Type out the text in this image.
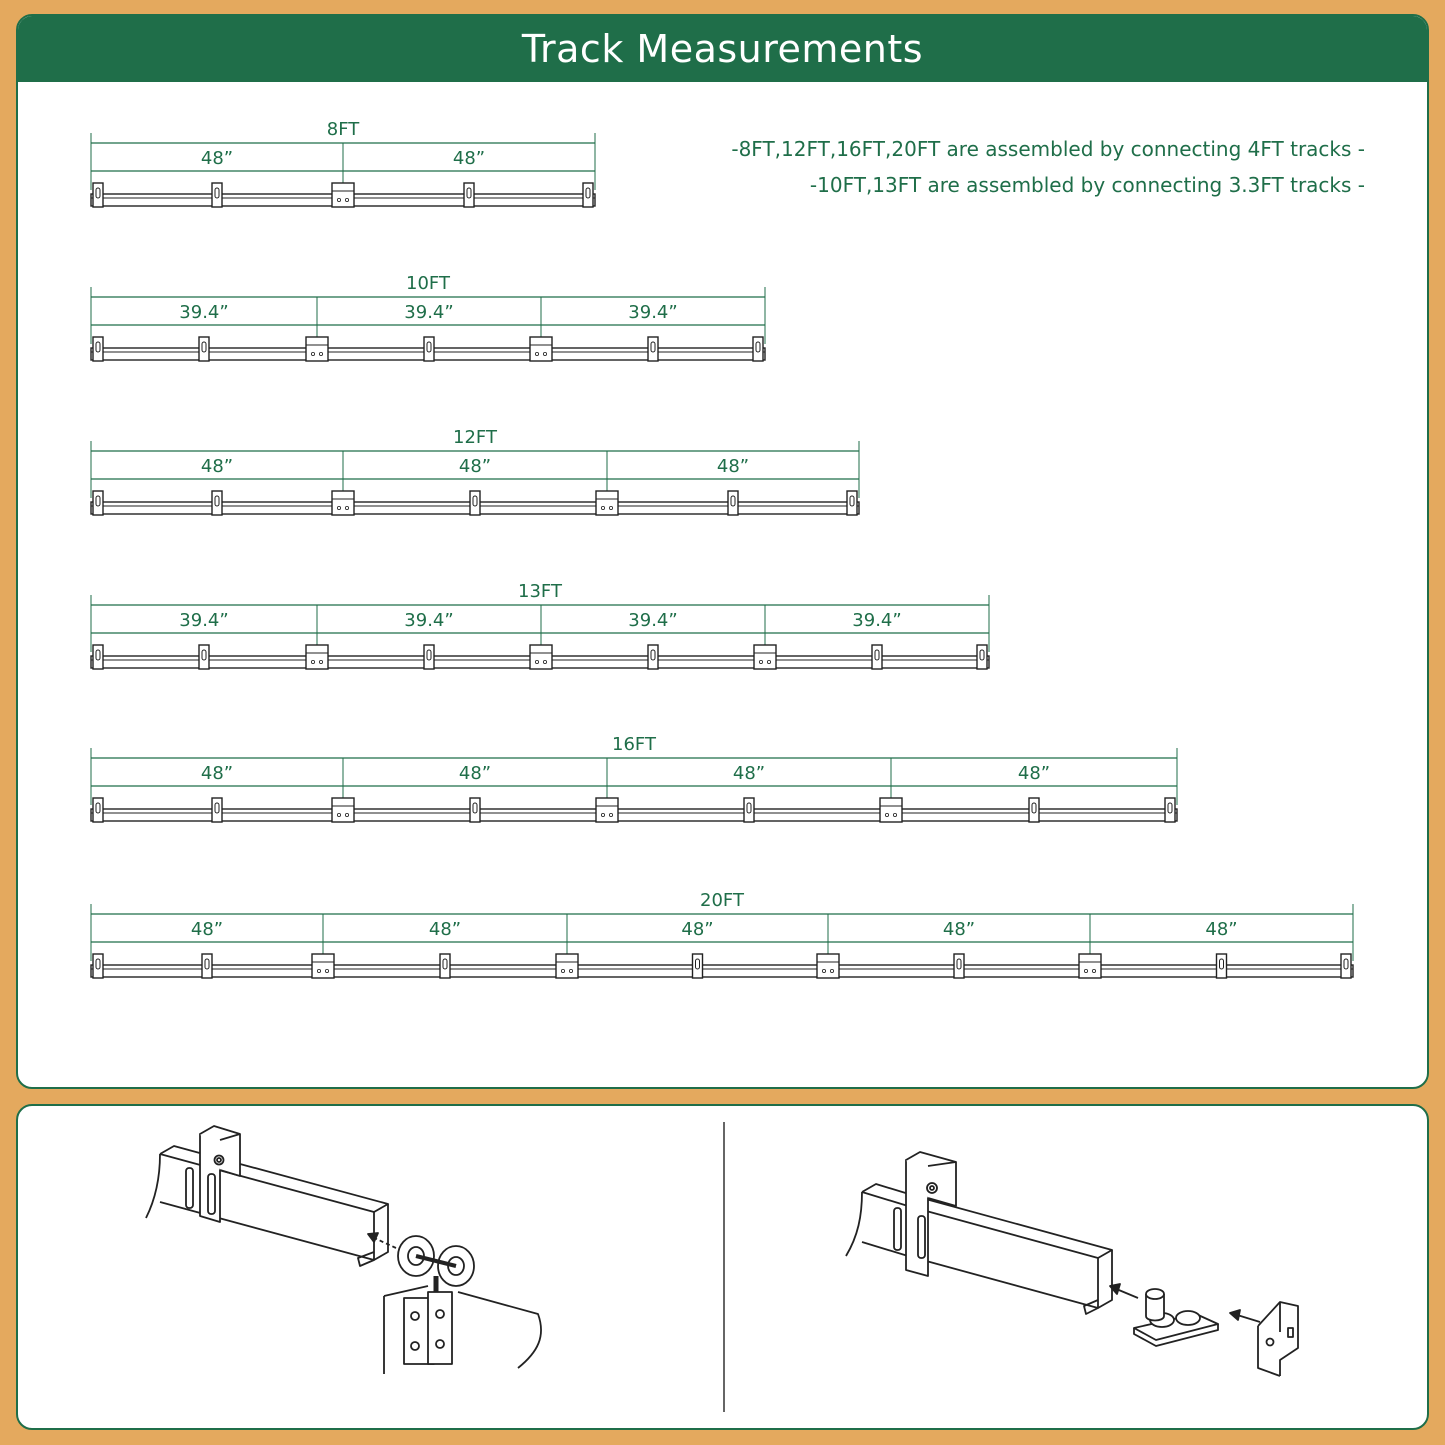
Track Measurements
-8FT,12FT,16FT,20FT are assembled by connecting 4FT tracks -
-10FT,13FT are assembled by connecting 3.3FT tracks -
8FT
48”	48”
10FT
39.4”	39.4”	39.4”
12FT
48”	48”	48”
13FT
39.4”	39.4”	39.4”	39.4”
16FT
48”	48”	48”	48”
20FT
48”	48”	48”	48”	48”
